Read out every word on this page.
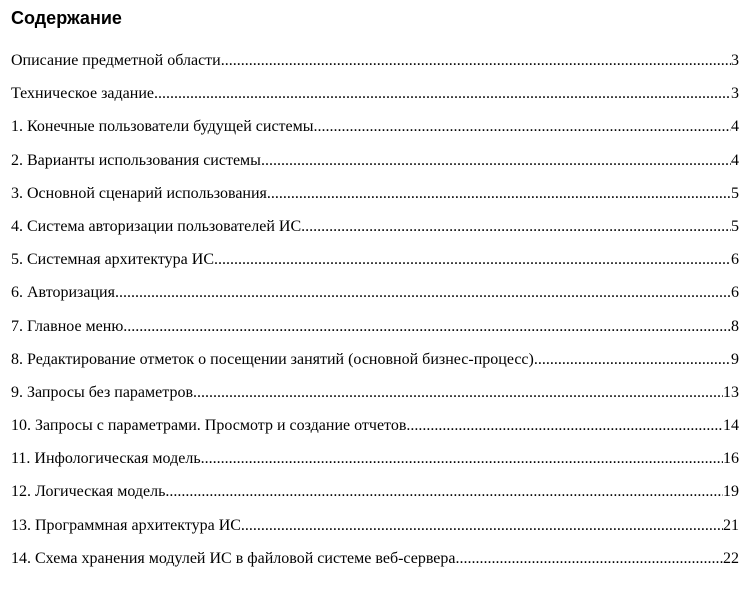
Содержание
Описание предметной области .....	3
Техническое задание .....	3
1. Конечные пользователи будущей системы .....	4
2. Варианты использования системы .....	4
3. Основной сценарий использования .....	5
4. Система авторизации пользователей ИС .....	5
5. Системная архитектура ИС .....	6
6. Авторизация .....	6
7. Главное меню .....	8
8. Редактирование отметок о посещении занятий (основной бизнес-процесс) .....	9
9. Запросы без параметров .....	13
10. Запросы с параметрами. Просмотр и создание отчетов .....	14
11. Инфологическая модель .....	16
12. Логическая модель .....	19
13. Программная архитектура ИС .....	21
14. Схема хранения модулей ИС в файловой системе веб-сервера .....	22
